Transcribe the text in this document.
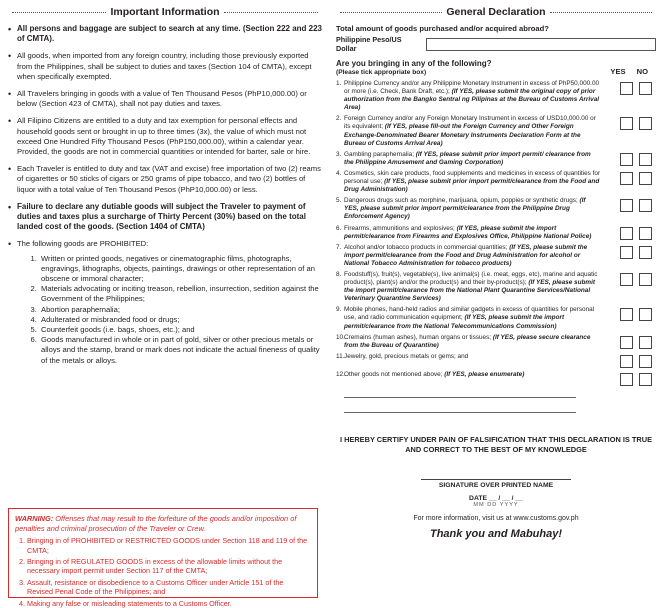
Important Information
• All persons and baggage are subject to search at any time. (Section 222 and 223 of CMTA).
• All goods, when imported from any foreign country, including those previously exported from the Philippines, shall be subject to duties and taxes (Section 104 of CMTA), except when specifically exempted.
• All Travelers bringing in goods with a value of Ten Thousand Pesos (PhP10,000.00) or below (Section 423 of CMTA), shall not pay duties and taxes.
• All Filipino Citizens are entitled to a duty and tax exemption for personal effects and household goods sent or brought in up to three times (3x), the value of which must not exceed One Hundred Fifty Thousand Pesos (PhP150,000.00), within a calendar year. Provided, the goods are not in commercial quantities or intended for barter, sale or hire.
• Each Traveler is entitled to duty and tax (VAT and excise) free importation of two (2) reams of cigarettes or 50 sticks of cigars or 250 grams of pipe tobacco, and two (2) bottles of liquor with a total value of Ten Thousand Pesos (PhP10,000.00) or less.
• Failure to declare any dutiable goods will subject the Traveler to payment of duties and taxes plus a surcharge of Thirty Percent (30%) based on the total landed cost of the goods. (Section 1404 of CMTA)
• The following goods are PROHIBITED:
1. Written or printed goods, negatives or cinematographic films, photographs, engravings, lithographs, objects, paintings, drawings or other representation of an obscene or immoral character;
2. Materials advocating or inciting treason, rebellion, insurrection, sedition against the Government of the Philippines;
3. Abortion paraphernalia;
4. Adulterated or misbranded food or drugs;
5. Counterfeit goods (i.e. bags, shoes, etc.); and
6. Goods manufactured in whole or in part of gold, silver or other precious metals or alloys and the stamp, brand or mark does not indicate the actual fineness of quality of the metals or alloys.
WARNING: Offenses that may result to the forfeiture of the goods and/or imposition of penalties and criminal prosecution of the Traveler or Crew.
1. Bringing in of PROHIBITED or RESTRICTED GOODS under Section 118 and 119 of the CMTA;
2. Bringing in of REGULATED GOODS in excess of the allowable limits without the necessary import permit under Section 117 of the CMTA;
3. Assault, resistance or disobedience to a Customs Officer under Article 151 of the Revised Penal Code of the Philippines; and
4. Making any false or misleading statements to a Customs Officer.
General Declaration
Total amount of goods purchased and/or acquired abroad?
Philippine Peso/US Dollar
Are you bringing in any of the following?
(Please tick appropriate box)	YES NO
1. Philippine Currency and/or any Philippine Monetary Instrument in excess of PhP50,000.00 or more (i.e. Check, Bank Draft, etc.); (If YES, please submit the original copy of prior authorization from the Bangko Sentral ng Pilipinas at the Bureau of Customs Arrival Area)
2. Foreign Currency and/or any Foreign Monetary Instrument in excess of USD10,000.00 or its equivalent; (If YES, please fill-out the Foreign Currency and Other Foreign Exchange-Denominated Bearer Monetary Instruments Declaration Form at the Bureau of Customs Arrival Area)
3. Gambling paraphernalia; (If YES, please submit prior import permit/ clearance from the Philippine Amusement and Gaming Corporation)
4. Cosmetics, skin care products, food supplements and medicines in excess of quantities for personal use; (If YES, please submit prior import permit/clearance from the Food and Drug Administration)
5. Dangerous drugs such as morphine, marijuana, opium, poppies or synthetic drugs; (If YES, please submit prior import permit/clearance from the Philippine Drug Enforcement Agency)
6. Firearms, ammunitions and explosives; (If YES, please submit the import permit/clearance from Firearms and Explosives Office, Philippine National Police)
7. Alcohol and/or tobacco products in commercial quantities; (If YES, please submit the import permit/clearance from the Food and Drug Administration for alcohol or National Tobacco Administration for tobacco products)
8. Foodstuff(s), fruit(s), vegetable(s), live animal(s) (i.e. meat, eggs, etc), marine and aquatic product(s), plant(s) and/or the product(s) and their by-product(s); (If YES, please submit the import permit/clearance from the National Plant Quarantine Services/National Veterinary Quarantine Services)
9. Mobile phones, hand-held radios and similar gadgets in excess of quantities for personal use, and radio communication equipment; (If YES, please submit the import permit/clearance from the National Telecommunications Commission)
10. Cremains (human ashes), human organs or tissues; (If YES, please secure clearance from the Bureau of Quarantine)
11. Jewelry, gold, precious metals or gems; and
12. Other goods not mentioned above; (If YES, please enumerate)
I HEREBY CERTIFY UNDER PAIN OF FALSIFICATION THAT THIS DECLARATION IS TRUE AND CORRECT TO THE BEST OF MY KNOWLEDGE
SIGNATURE OVER PRINTED NAME
DATE __ / __ / __
MM DD YYYY
For more information, visit us at www.customs.gov.ph
Thank you and Mabuhay!
